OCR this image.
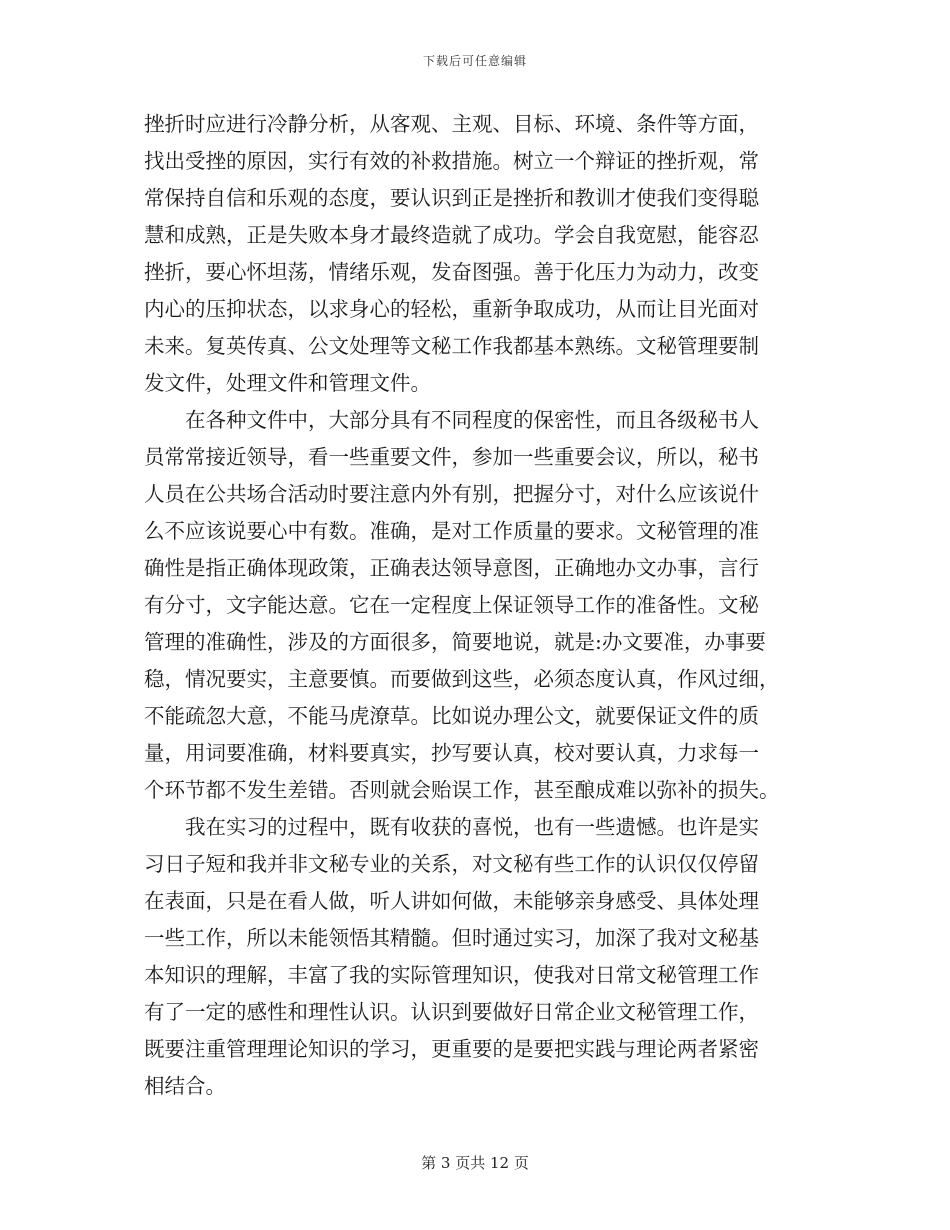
下载后可任意编辑
挫折时应进行冷静分析，从客观、主观、目标、环境、条件等方面，
找出受挫的原因，实行有效的补救措施。树立一个辩证的挫折观，常
常保持自信和乐观的态度，要认识到正是挫折和教训才使我们变得聪
慧和成熟，正是失败本身才最终造就了成功。学会自我宽慰，能容忍
挫折，要心怀坦荡，情绪乐观，发奋图强。善于化压力为动力，改变
内心的压抑状态，以求身心的轻松，重新争取成功，从而让目光面对
未来。复英传真、公文处理等文秘工作我都基本熟练。文秘管理要制
发文件，处理文件和管理文件。
　　在各种文件中，大部分具有不同程度的保密性，而且各级秘书人
员常常接近领导，看一些重要文件，参加一些重要会议，所以，秘书
人员在公共场合活动时要注意内外有别，把握分寸，对什么应该说什
么不应该说要心中有数。准确，是对工作质量的要求。文秘管理的准
确性是指正确体现政策，正确表达领导意图，正确地办文办事，言行
有分寸，文字能达意。它在一定程度上保证领导工作的准备性。文秘
管理的准确性，涉及的方面很多，简要地说，就是:办文要准，办事要
稳，情况要实，主意要慎。而要做到这些，必须态度认真，作风过细，
不能疏忽大意，不能马虎潦草。比如说办理公文，就要保证文件的质
量，用词要准确，材料要真实，抄写要认真，校对要认真，力求每一
个环节都不发生差错。否则就会贻误工作，甚至酿成难以弥补的损失。
　　我在实习的过程中，既有收获的喜悦，也有一些遗憾。也许是实
习日子短和我并非文秘专业的关系，对文秘有些工作的认识仅仅停留
在表面，只是在看人做，听人讲如何做，未能够亲身感受、具体处理
一些工作，所以未能领悟其精髓。但时通过实习，加深了我对文秘基
本知识的理解，丰富了我的实际管理知识，使我对日常文秘管理工作
有了一定的感性和理性认识。认识到要做好日常企业文秘管理工作，
既要注重管理理论知识的学习，更重要的是要把实践与理论两者紧密
相结合。
第 3 页共 12 页
